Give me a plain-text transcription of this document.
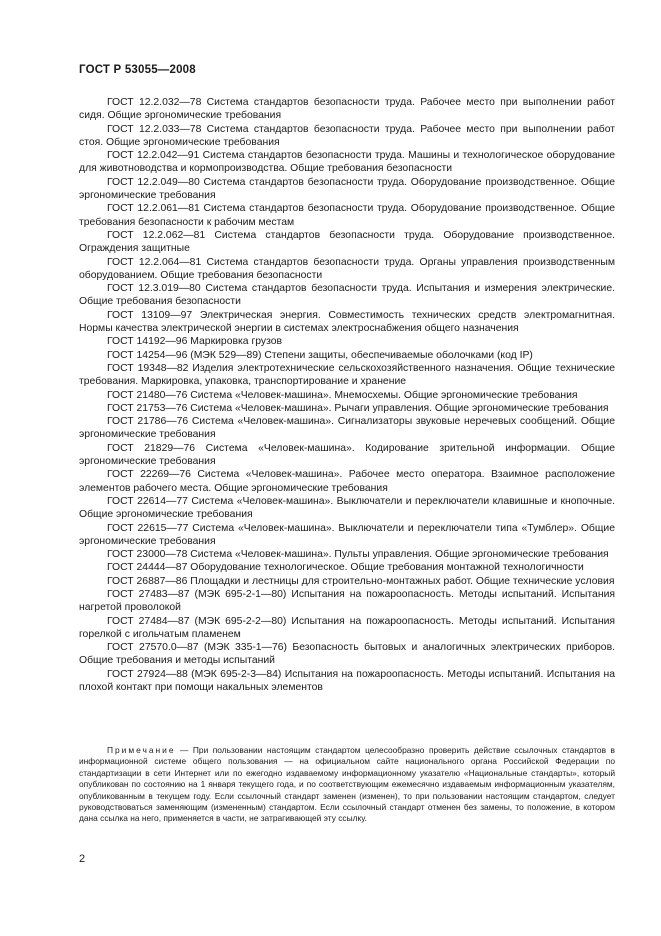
ГОСТ Р 53055—2008

ГОСТ 12.2.032—78 Система стандартов безопасности труда. Рабочее место при выполнении работ сидя. Общие эргономические требования

ГОСТ 12.2.033—78 Система стандартов безопасности труда. Рабочее место при выполнении работ стоя. Общие эргономические требования

ГОСТ 12.2.042—91 Система стандартов безопасности труда. Машины и технологическое оборудование для животноводства и кормопроизводства. Общие требования безопасности

ГОСТ 12.2.049—80 Система стандартов безопасности труда. Оборудование производственное. Общие эргономические требования

ГОСТ 12.2.061—81 Система стандартов безопасности труда. Оборудование производственное. Общие требования безопасности к рабочим местам

ГОСТ 12.2.062—81 Система стандартов безопасности труда. Оборудование производственное. Ограждения защитные

ГОСТ 12.2.064—81 Система стандартов безопасности труда. Органы управления производственным оборудованием. Общие требования безопасности

ГОСТ 12.3.019—80 Система стандартов безопасности труда. Испытания и измерения электрические. Общие требования безопасности

ГОСТ 13109—97 Электрическая энергия. Совместимость технических средств электромагнитная. Нормы качества электрической энергии в системах электроснабжения общего назначения

ГОСТ 14192—96 Маркировка грузов

ГОСТ 14254—96 (МЭК 529—89) Степени защиты, обеспечиваемые оболочками (код IP)

ГОСТ 19348—82 Изделия электротехнические сельскохозяйственного назначения. Общие технические требования. Маркировка, упаковка, транспортирование и хранение

ГОСТ 21480—76 Система «Человек-машина». Мнемосхемы. Общие эргономические требования

ГОСТ 21753—76 Система «Человек-машина». Рычаги управления. Общие эргономические требования

ГОСТ 21786—76 Система «Человек-машина». Сигнализаторы звуковые неречевых сообщений. Общие эргономические требования

ГОСТ 21829—76 Система «Человек-машина». Кодирование зрительной информации. Общие эргономические требования

ГОСТ 22269—76 Система «Человек-машина». Рабочее место оператора. Взаимное расположение элементов рабочего места. Общие эргономические требования

ГОСТ 22614—77 Система «Человек-машина». Выключатели и переключатели клавишные и кнопочные. Общие эргономические требования

ГОСТ 22615—77 Система «Человек-машина». Выключатели и переключатели типа «Тумблер». Общие эргономические требования

ГОСТ 23000—78 Система «Человек-машина». Пульты управления. Общие эргономические требования

ГОСТ 24444—87 Оборудование технологическое. Общие требования монтажной технологичности

ГОСТ 26887—86 Площадки и лестницы для строительно-монтажных работ. Общие технические условия

ГОСТ 27483—87 (МЭК 695-2-1—80) Испытания на пожароопасность. Методы испытаний. Испытания нагретой проволокой

ГОСТ 27484—87 (МЭК 695-2-2—80) Испытания на пожароопасность. Методы испытаний. Испытания горелкой с игольчатым пламенем

ГОСТ 27570.0—87 (МЭК 335-1—76) Безопасность бытовых и аналогичных электрических приборов. Общие требования и методы испытаний

ГОСТ 27924—88 (МЭК 695-2-3—84) Испытания на пожароопасность. Методы испытаний. Испытания на плохой контакт при помощи накальных элементов

Примечание — При пользовании настоящим стандартом целесообразно проверить действие ссылочных стандартов в информационной системе общего пользования — на официальном сайте национального органа Российской Федерации по стандартизации в сети Интернет или по ежегодно издаваемому информационному указателю «Национальные стандарты», который опубликован по состоянию на 1 января текущего года, и по соответствующим ежемесячно издаваемым информационным указателям, опубликованным в текущем году. Если ссылочный стандарт заменен (изменен), то при пользовании настоящим стандартом, следует руководствоваться заменяющим (измененным) стандартом. Если ссылочный стандарт отменен без замены, то положение, в котором дана ссылка на него, применяется в части, не затрагивающей эту ссылку.

2
